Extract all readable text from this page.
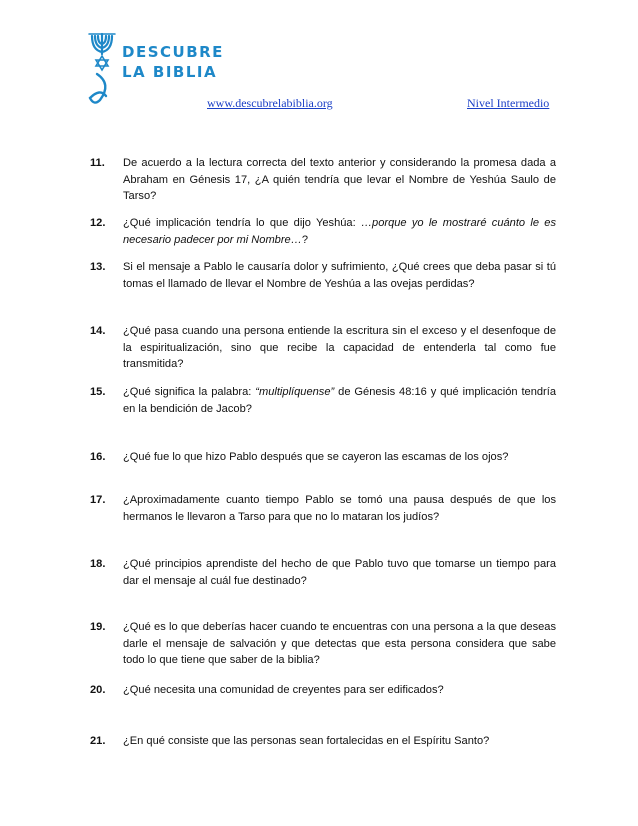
DESCUBRE
LA BIBLIA
www.descubrelabiblia.org	Nivel Intermedio
11. De acuerdo a la lectura correcta del texto anterior y considerando la promesa dada a Abraham en Génesis 17, ¿A quién tendría que levar el Nombre de Yeshúa Saulo de Tarso?
12. ¿Qué implicación tendría lo que dijo Yeshúa: …porque yo le mostraré cuánto le es necesario padecer por mi Nombre…?
13. Si el mensaje a Pablo le causaría dolor y sufrimiento, ¿Qué crees que deba pasar si tú tomas el llamado de llevar el Nombre de Yeshúa a las ovejas perdidas?
14. ¿Qué pasa cuando una persona entiende la escritura sin el exceso y el desenfoque de la espiritualización, sino que recibe la capacidad de entenderla tal como fue transmitida?
15. ¿Qué significa la palabra: “multiplíquense” de Génesis 48:16 y qué implicación tendría en la bendición de Jacob?
16. ¿Qué fue lo que hizo Pablo después que se cayeron las escamas de los ojos?
17. ¿Aproximadamente cuanto tiempo Pablo se tomó una pausa después de que los hermanos le llevaron a Tarso para que no lo mataran los judíos?
18. ¿Qué principios aprendiste del hecho de que Pablo tuvo que tomarse un tiempo para dar el mensaje al cuál fue destinado?
19. ¿Qué es lo que deberías hacer cuando te encuentras con una persona a la que deseas darle el mensaje de salvación y que detectas que esta persona considera que sabe todo lo que tiene que saber de la biblia?
20. ¿Qué necesita una comunidad de creyentes para ser edificados?
21. ¿En qué consiste que las personas sean fortalecidas en el Espíritu Santo?
